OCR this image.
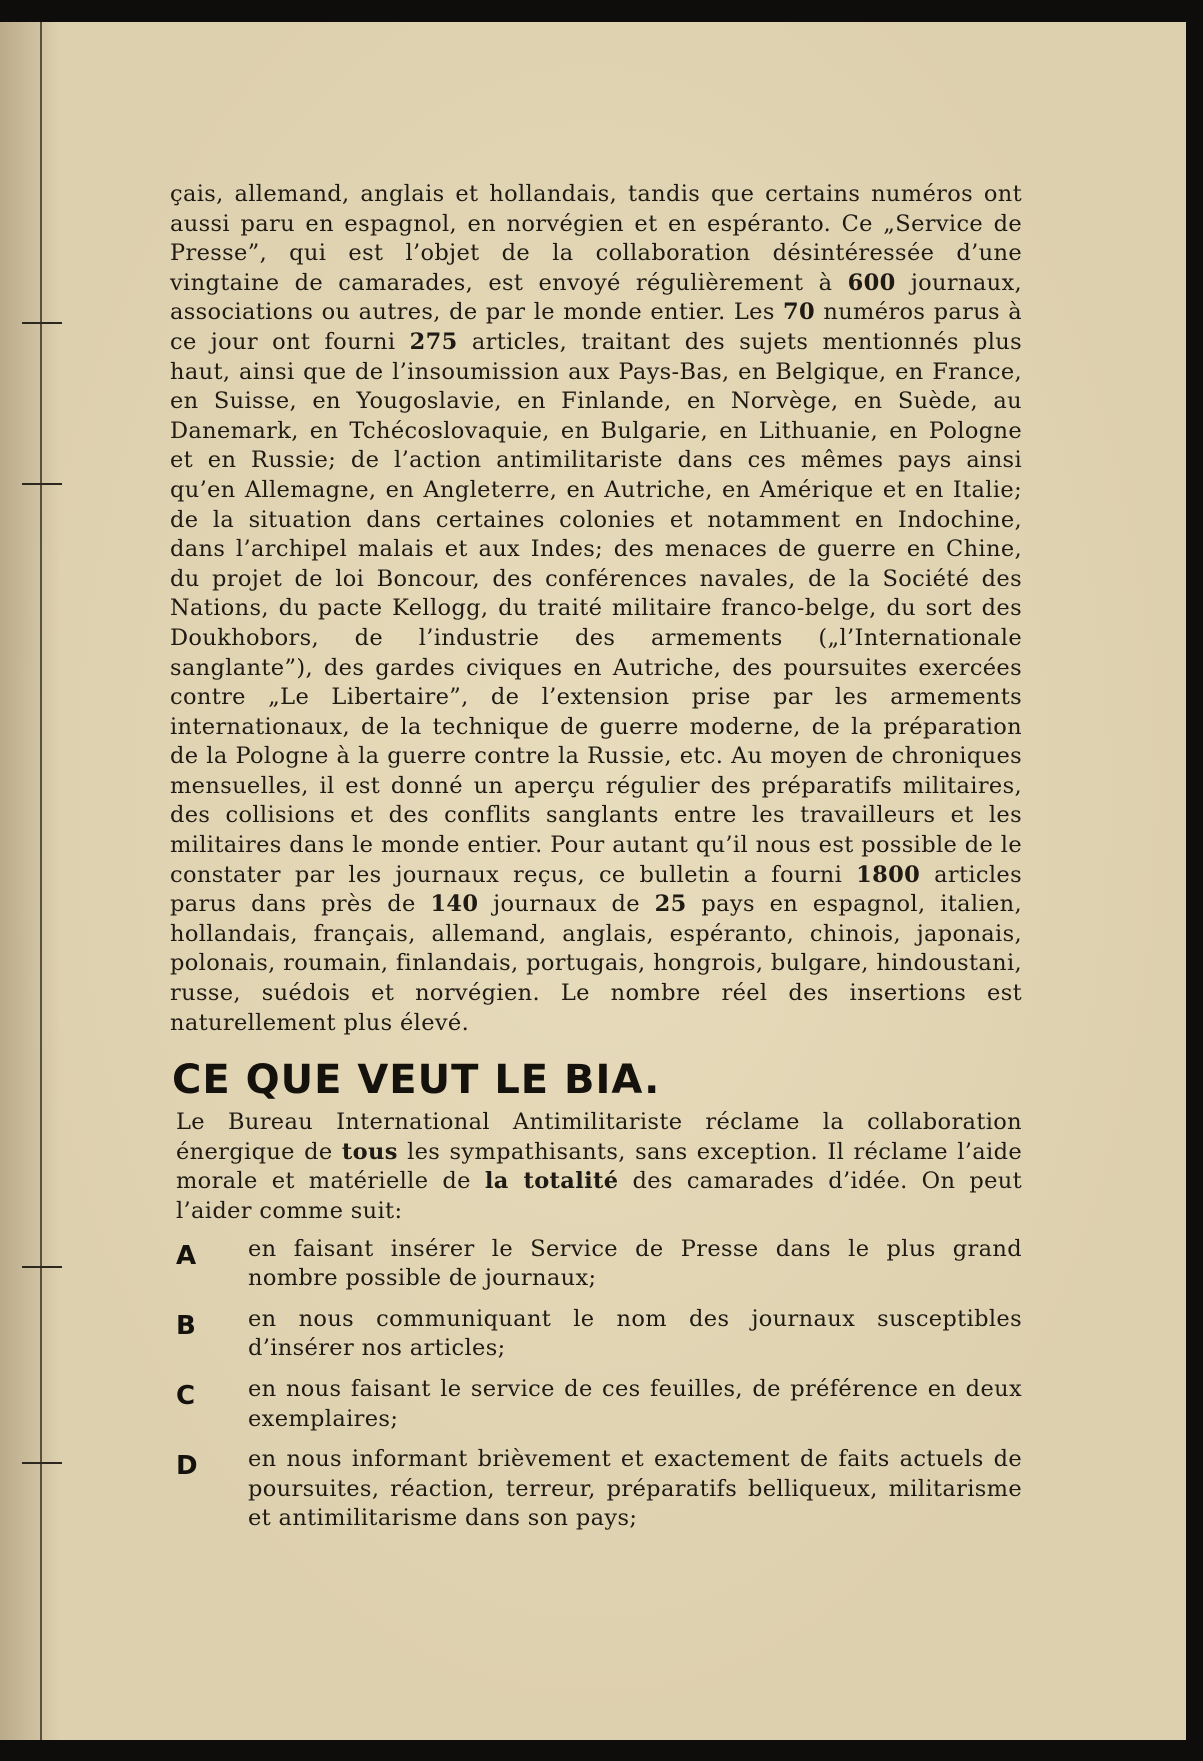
çais, allemand, anglais et hollandais, tandis que certains numéros ont aussi paru en espagnol, en norvégien et en espéranto. Ce „Service de Presse”, qui est l’objet de la collaboration désintéressée d’une vingtaine de camarades, est envoyé régulièrement à 600 journaux, associations ou autres, de par le monde entier. Les 70 numéros parus à ce jour ont fourni 275 articles, traitant des sujets mentionnés plus haut, ainsi que de l’insoumission aux Pays-Bas, en Belgique, en France, en Suisse, en Yougoslavie, en Finlande, en Norvège, en Suède, au Danemark, en Tchécoslovaquie, en Bulgarie, en Lithuanie, en Pologne et en Russie; de l’action antimilitariste dans ces mêmes pays ainsi qu’en Allemagne, en Angleterre, en Autriche, en Amérique et en Italie; de la situation dans certaines colonies et notamment en Indochine, dans l’archipel malais et aux Indes; des menaces de guerre en Chine, du projet de loi Boncour, des conférences navales, de la Société des Nations, du pacte Kellogg, du traité militaire franco-belge, du sort des Doukhobors, de l’industrie des armements („l’Internationale sanglante”), des gardes civiques en Autriche, des poursuites exercées contre „Le Libertaire”, de l’extension prise par les armements internationaux, de la technique de guerre moderne, de la préparation de la Pologne à la guerre contre la Russie, etc. Au moyen de chroniques mensuelles, il est donné un aperçu régulier des préparatifs militaires, des collisions et des conflits sanglants entre les travailleurs et les militaires dans le monde entier. Pour autant qu’il nous est possible de le constater par les journaux reçus, ce bulletin a fourni 1800 articles parus dans près de 140 journaux de 25 pays en espagnol, italien, hollandais, français, allemand, anglais, espéranto, chinois, japonais, polonais, roumain, finlandais, portugais, hongrois, bulgare, hindoustani, russe, suédois et norvégien. Le nombre réel des insertions est naturellement plus élevé.

CE QUE VEUT LE BIA.

Le Bureau International Antimilitariste réclame la collaboration énergique de tous les sympathisants, sans exception. Il réclame l’aide morale et matérielle de la totalité des camarades d’idée. On peut l’aider comme suit:

A	en faisant insérer le Service de Presse dans le plus grand nombre possible de journaux;
B	en nous communiquant le nom des journaux susceptibles d’insérer nos articles;
C	en nous faisant le service de ces feuilles, de préférence en deux exemplaires;
D	en nous informant brièvement et exactement de faits actuels de poursuites, réaction, terreur, préparatifs belliqueux, militarisme et antimilitarisme dans son pays;
